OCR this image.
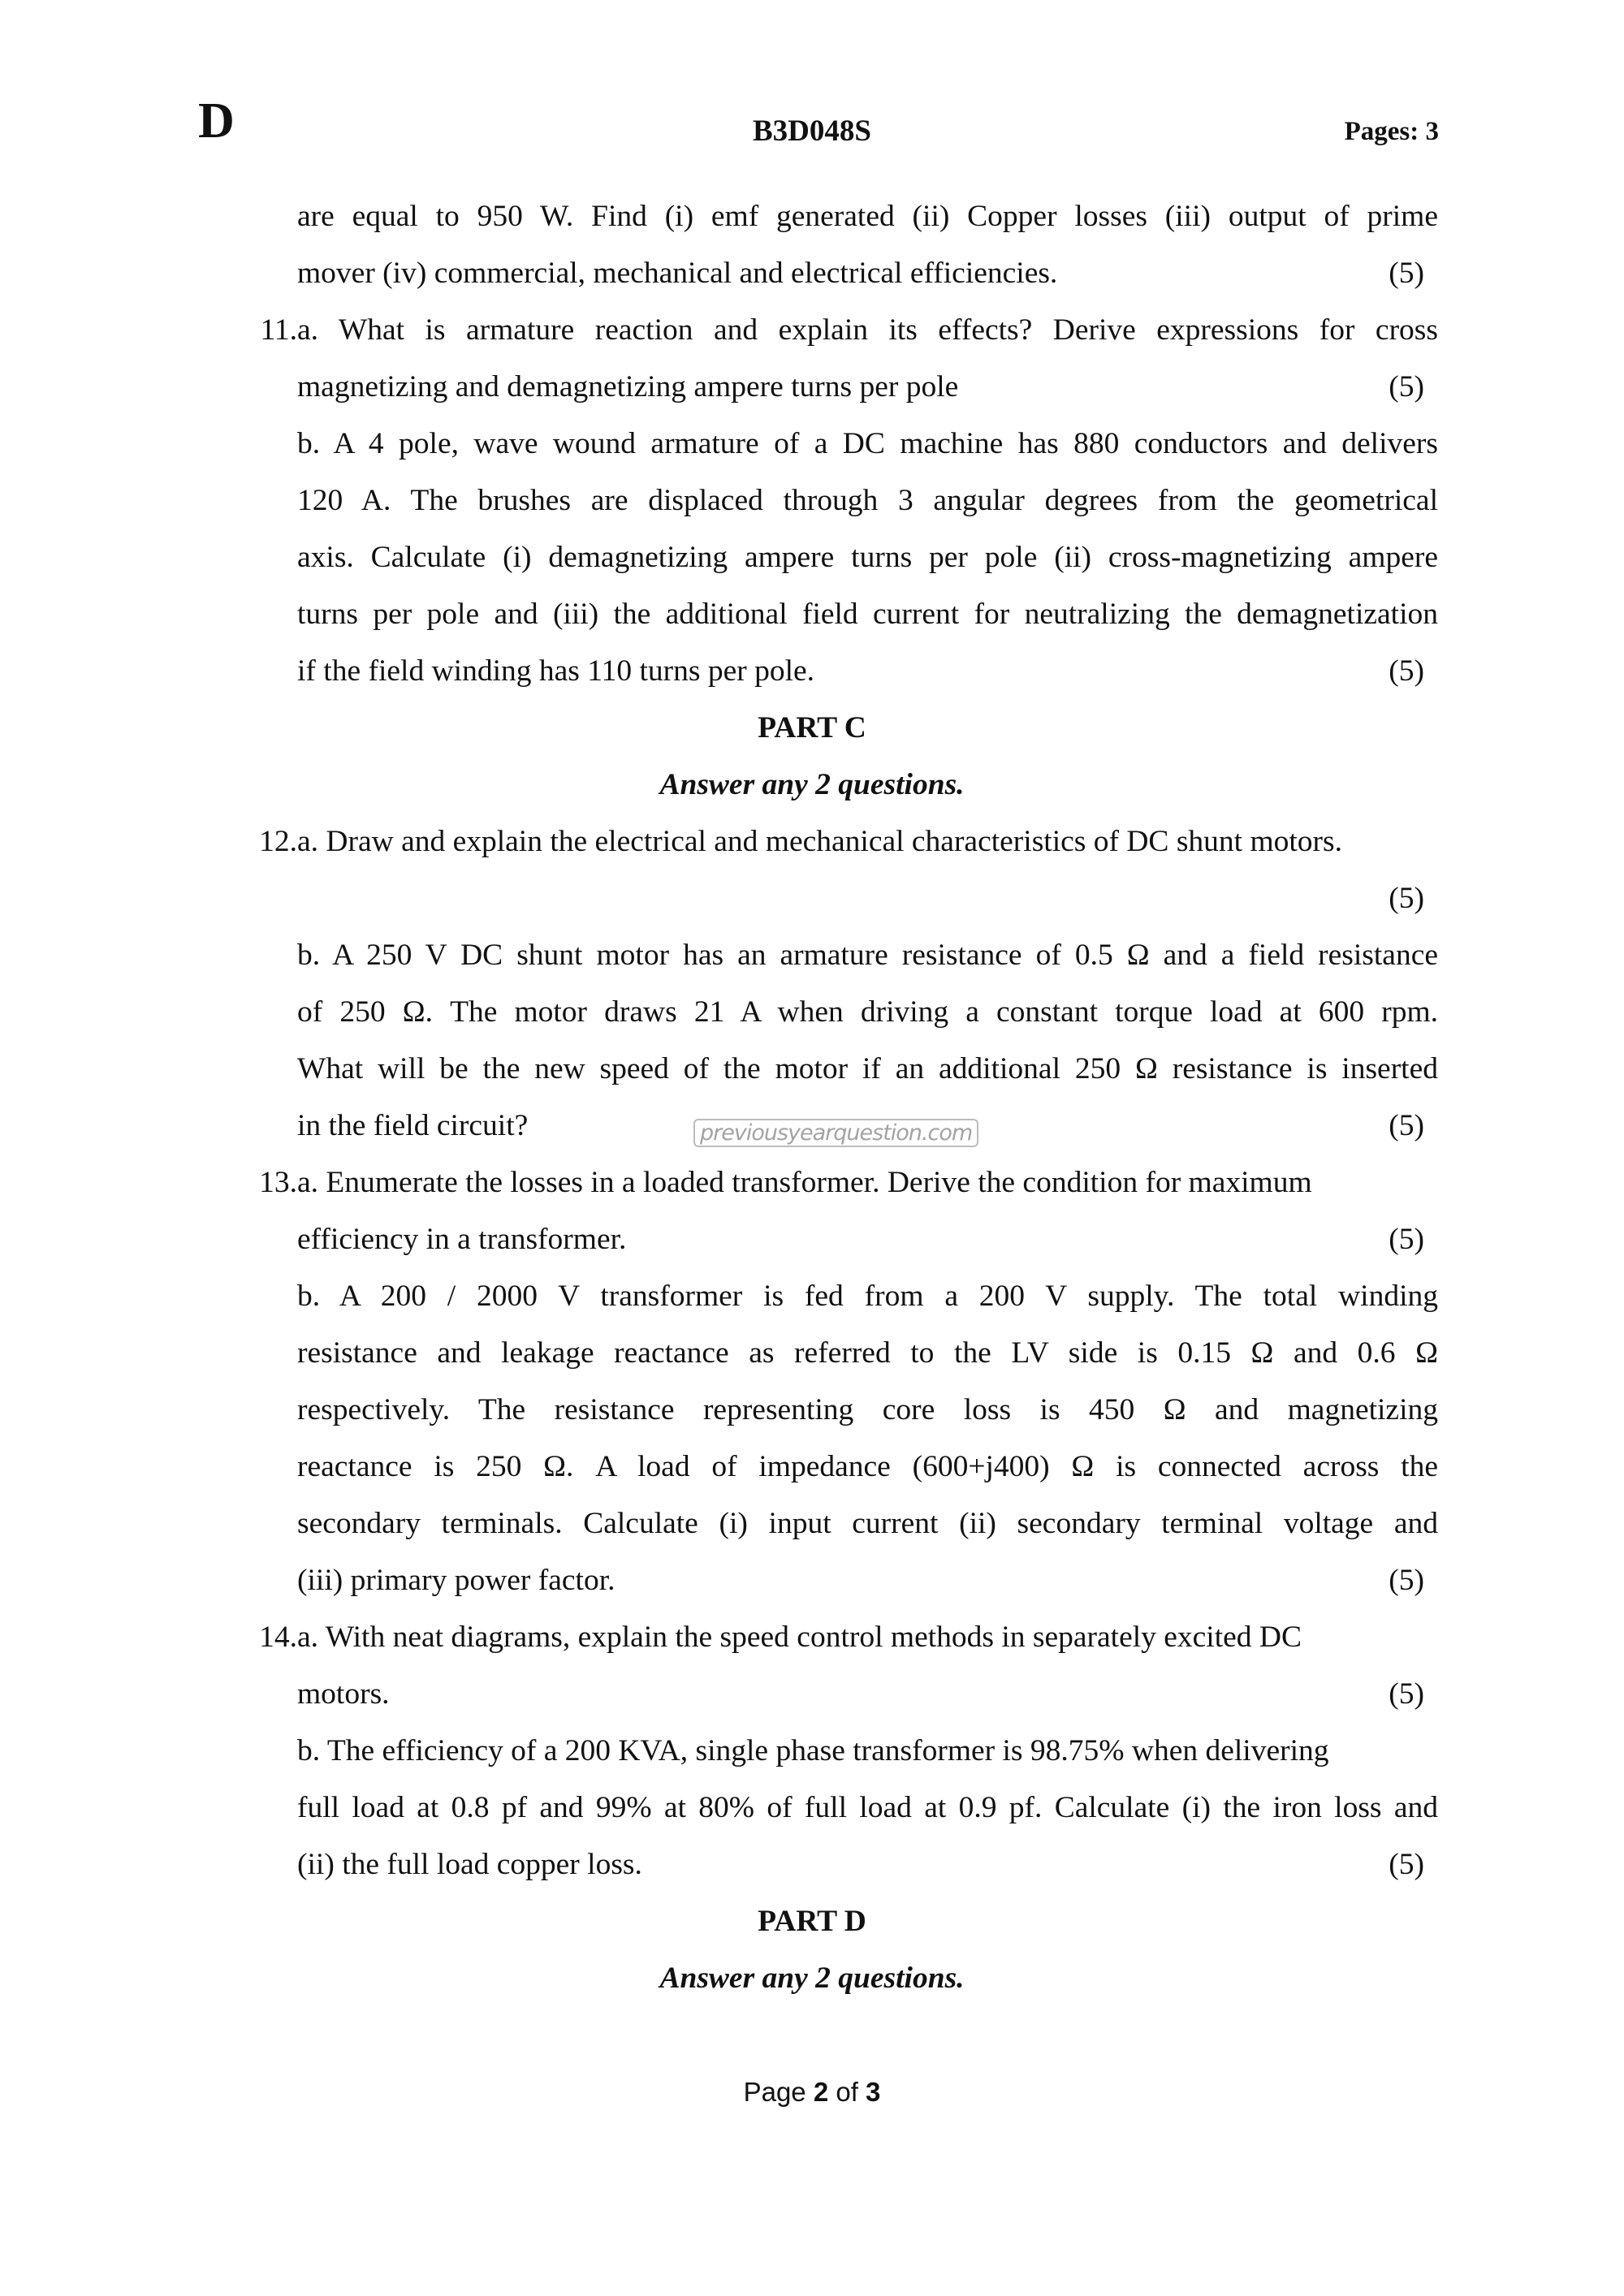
D	B3D048S	Pages: 3
are equal to 950 W. Find (i) emf generated (ii) Copper losses (iii) output of prime
mover (iv) commercial, mechanical and electrical efficiencies.	(5)
11. a. What is armature reaction and explain its effects? Derive expressions for cross
magnetizing and demagnetizing ampere turns per pole	(5)
b. A 4 pole, wave wound armature of a DC machine has 880 conductors and delivers
120 A. The brushes are displaced through 3 angular degrees from the geometrical
axis. Calculate (i) demagnetizing ampere turns per pole (ii) cross-magnetizing ampere
turns per pole and (iii) the additional field current for neutralizing the demagnetization
if the field winding has 110 turns per pole.	(5)
PART C
Answer any 2 questions.
12. a. Draw and explain the electrical and mechanical characteristics of DC shunt motors.
(5)
b. A 250 V DC shunt motor has an armature resistance of 0.5 Ω and a field resistance
of 250 Ω. The motor draws 21 A when driving a constant torque load at 600 rpm.
What will be the new speed of the motor if an additional 250 Ω resistance is inserted
in the field circuit?	(5)
previousyearquestion.com
13. a. Enumerate the losses in a loaded transformer. Derive the condition for maximum
efficiency in a transformer.	(5)
b. A 200 / 2000 V transformer is fed from a 200 V supply. The total winding
resistance and leakage reactance as referred to the LV side is 0.15 Ω and 0.6 Ω
respectively. The resistance representing core loss is 450 Ω and magnetizing
reactance is 250 Ω. A load of impedance (600+j400) Ω is connected across the
secondary terminals. Calculate (i) input current (ii) secondary terminal voltage and
(iii) primary power factor.	(5)
14. a. With neat diagrams, explain the speed control methods in separately excited DC
motors.	(5)
b. The efficiency of a 200 KVA, single phase transformer is 98.75% when delivering
full load at 0.8 pf and 99% at 80% of full load at 0.9 pf. Calculate (i) the iron loss and
(ii) the full load copper loss.	(5)
PART D
Answer any 2 questions.
Page 2 of 3
